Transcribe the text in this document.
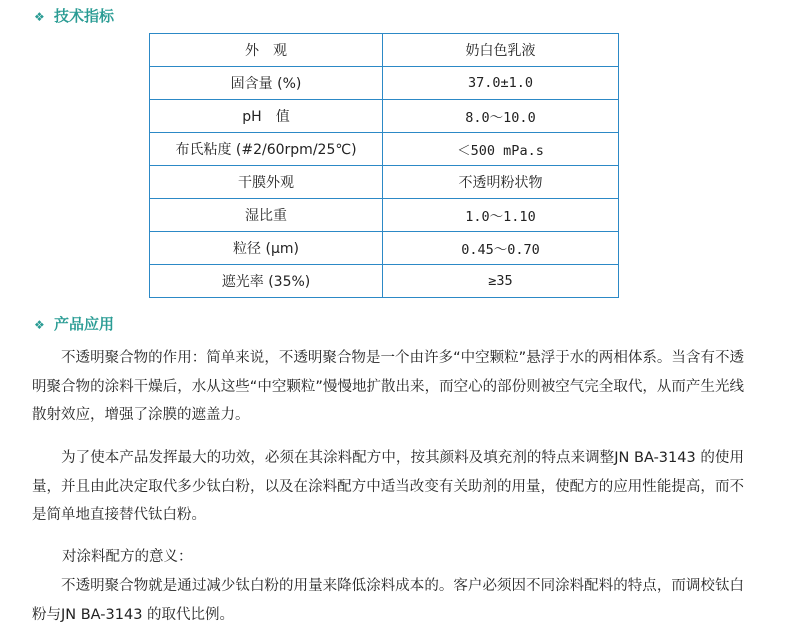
❖ 技术指标
外　观	奶白色乳液
固含量 (%)	37.0±1.0
pH　值	8.0～10.0
布氏粘度 (#2/60rpm/25℃)	＜500 mPa.s
干膜外观	不透明粉状物
湿比重	1.0～1.10
粒径 (μm)	0.45～0.70
遮光率 (35%)	≥35
❖ 产品应用
　　不透明聚合物的作用：简单来说，不透明聚合物是一个由许多“中空颗粒”悬浮于水的两相体系。当含有不透明聚合物的涂料干燥后，水从这些“中空颗粒”慢慢地扩散出来，而空心的部份则被空气完全取代，从而产生光线散射效应，增强了涂膜的遮盖力。
　　为了使本产品发挥最大的功效，必须在其涂料配方中，按其颜料及填充剂的特点来调整JN BA-3143 的使用量，并且由此决定取代多少钛白粉，以及在涂料配方中适当改变有关助剂的用量，使配方的应用性能提高，而不是简单地直接替代钛白粉。
对涂料配方的意义：
　　不透明聚合物就是通过减少钛白粉的用量来降低涂料成本的。客户必须因不同涂料配料的特点，而调校钛白粉与JN BA-3143 的取代比例。
